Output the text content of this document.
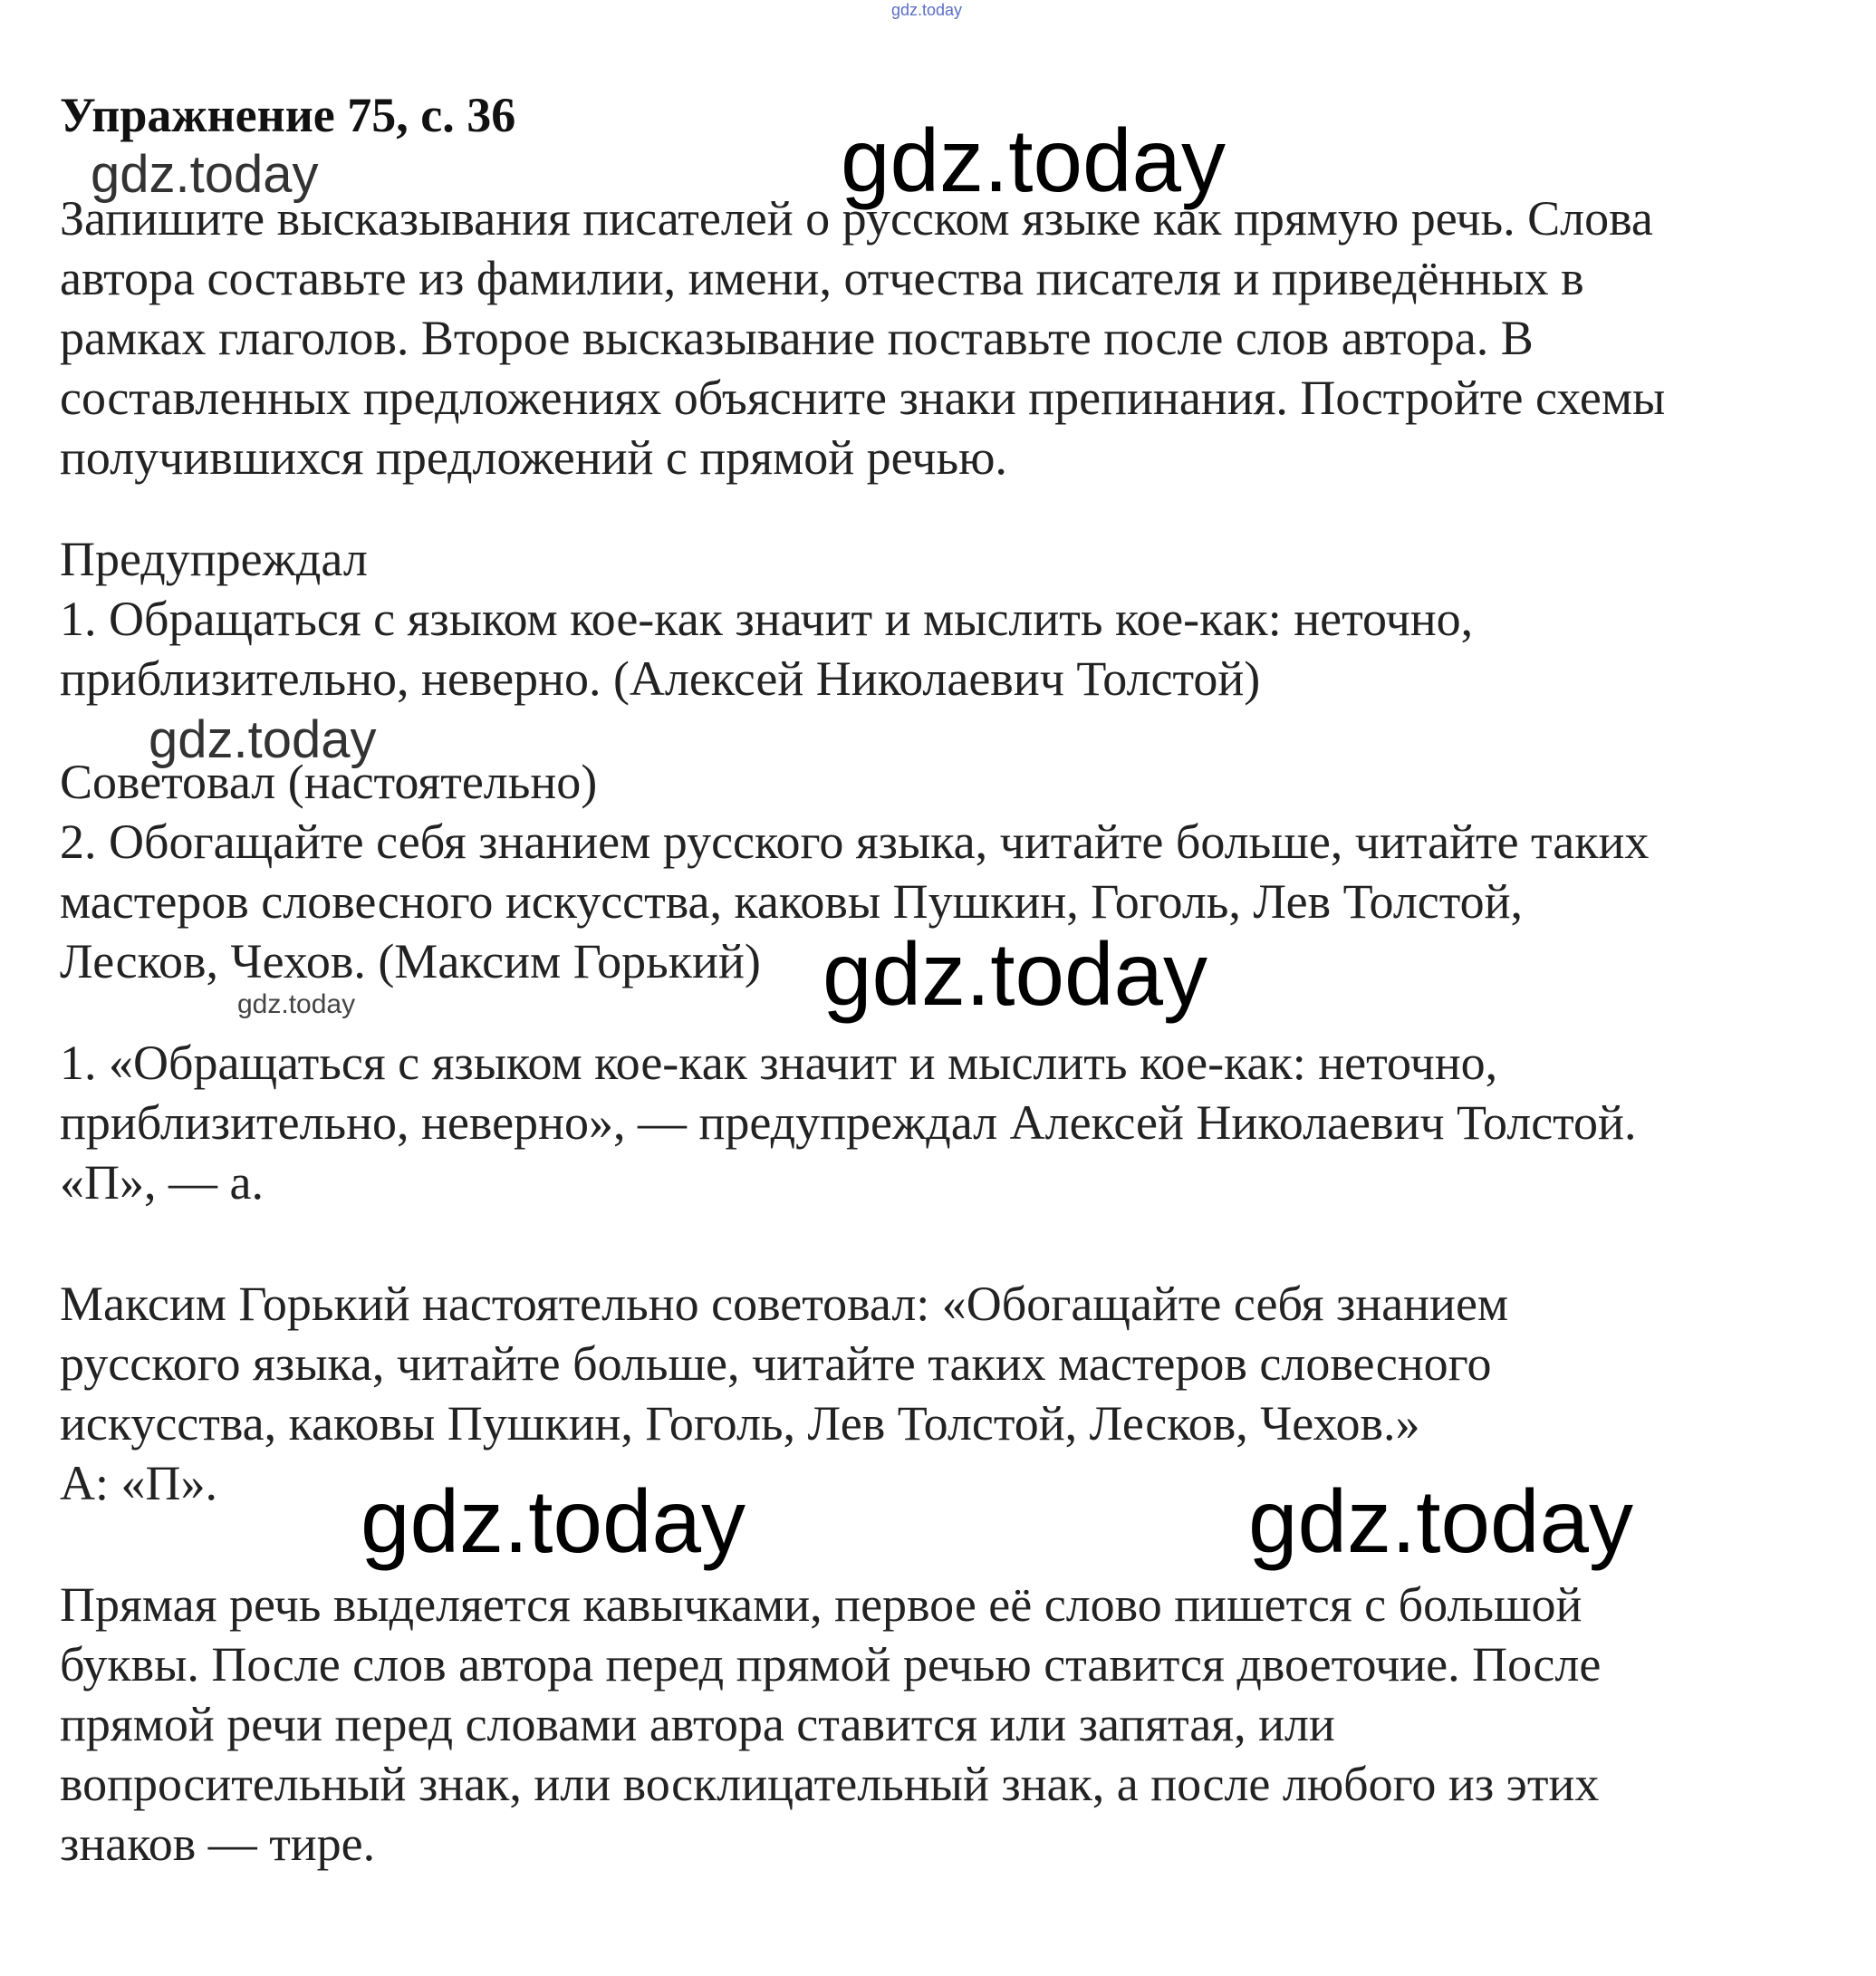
gdz.today
gdz.today	gdz.today
gdz.today
gdz.today
gdz.today
gdz.today	gdz.today
Упражнение 75, с. 36
Запишите высказывания писателей о русском языке как прямую речь. Слова
автора составьте из фамилии, имени, отчества писателя и приведённых в
рамках глаголов. Второе высказывание поставьте после слов автора. В
составленных предложениях объясните знаки препинания. Постройте схемы
получившихся предложений с прямой речью.
Предупреждал
1. Обращаться с языком кое-как значит и мыслить кое-как: неточно,
приблизительно, неверно. (Алексей Николаевич Толстой)
Советовал (настоятельно)
2. Обогащайте себя знанием русского языка, читайте больше, читайте таких
мастеров словесного искусства, каковы Пушкин, Гоголь, Лев Толстой,
Лесков, Чехов. (Максим Горький)
1. «Обращаться с языком кое-как значит и мыслить кое-как: неточно,
приблизительно, неверно», — предупреждал Алексей Николаевич Толстой.
«П», — а.
Максим Горький настоятельно советовал: «Обогащайте себя знанием
русского языка, читайте больше, читайте таких мастеров словесного
искусства, каковы Пушкин, Гоголь, Лев Толстой, Лесков, Чехов.»
А: «П».
Прямая речь выделяется кавычками, первое её слово пишется с большой
буквы. После слов автора перед прямой речью ставится двоеточие. После
прямой речи перед словами автора ставится или запятая, или
вопросительный знак, или восклицательный знак, а после любого из этих
знаков — тире.
